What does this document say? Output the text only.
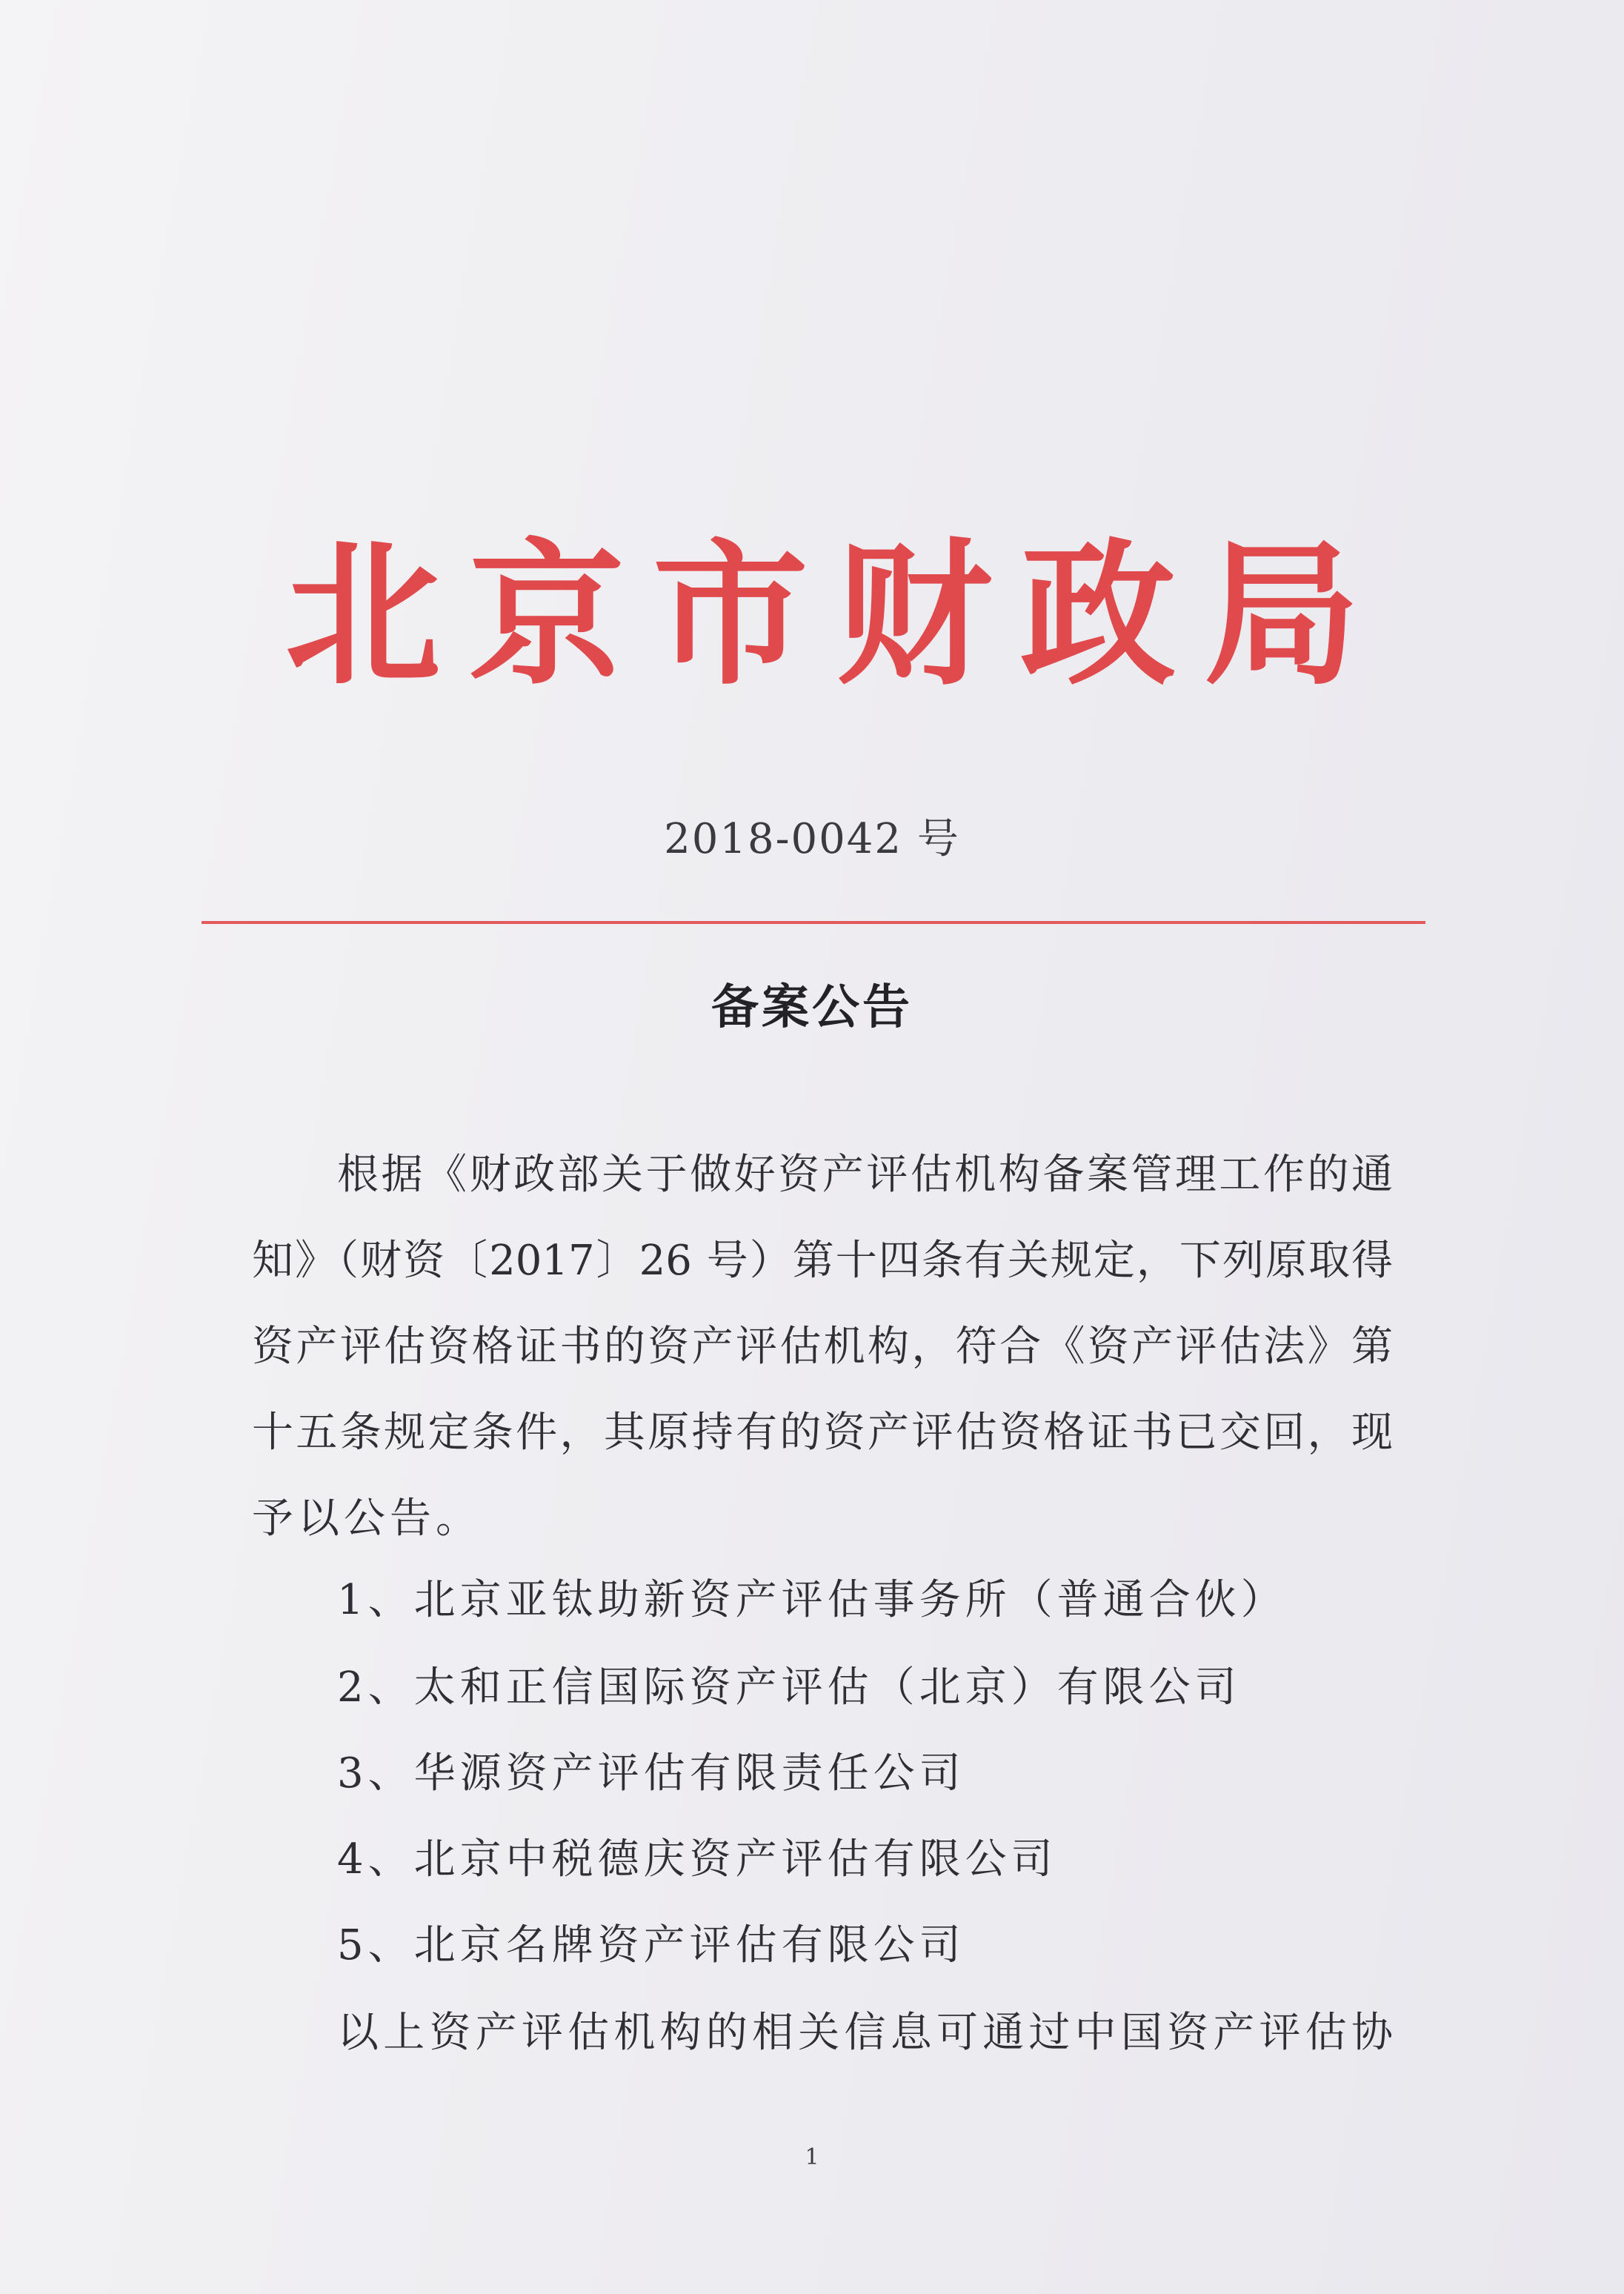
北 京 市 财 政 局
2018-0042 号
备案公告
根据《财政部关于做好资产评估机构备案管理工作的通
知》（财资〔2017〕26 号）第十四条有关规定，下列原取得
资产评估资格证书的资产评估机构，符合《资产评估法》第
十五条规定条件，其原持有的资产评估资格证书已交回，现
予以公告。
1、北京亚钛助新资产评估事务所（普通合伙）
2、太和正信国际资产评估（北京）有限公司
3、华源资产评估有限责任公司
4、北京中税德庆资产评估有限公司
5、北京名牌资产评估有限公司
以上资产评估机构的相关信息可通过中国资产评估协
1
